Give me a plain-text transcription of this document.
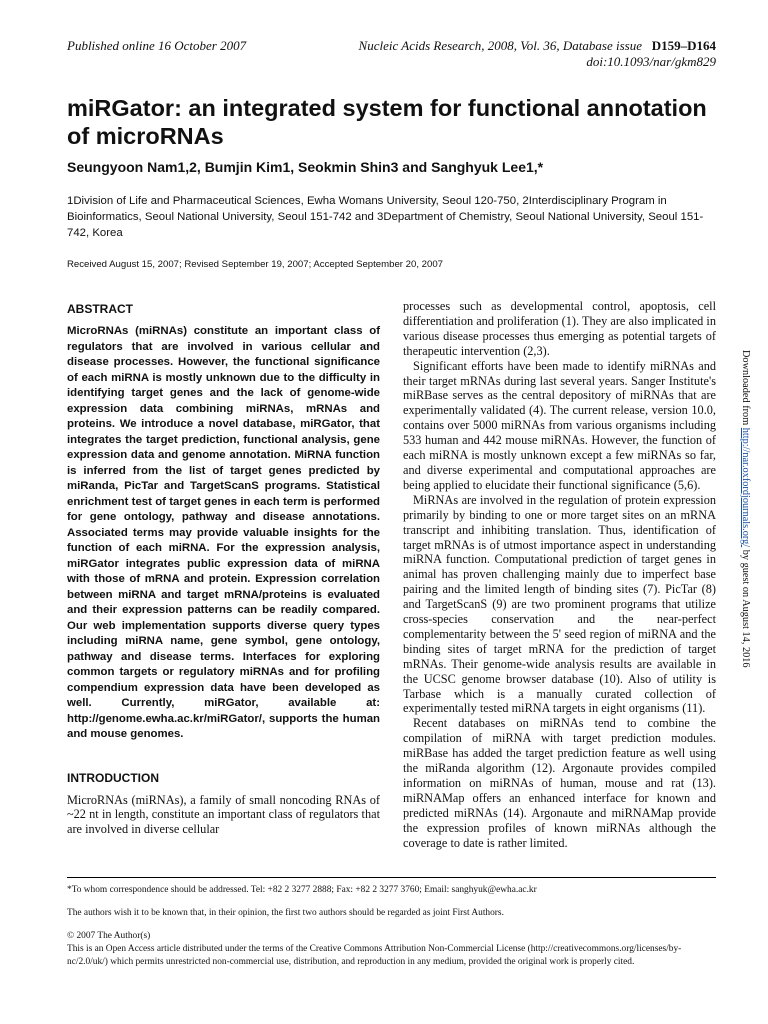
Published online 16 October 2007	Nucleic Acids Research, 2008, Vol. 36, Database issue D159–D164
doi:10.1093/nar/gkm829
miRGator: an integrated system for functional annotation of microRNAs
Seungyoon Nam1,2, Bumjin Kim1, Seokmin Shin3 and Sanghyuk Lee1,*
1Division of Life and Pharmaceutical Sciences, Ewha Womans University, Seoul 120-750, 2Interdisciplinary Program in Bioinformatics, Seoul National University, Seoul 151-742 and 3Department of Chemistry, Seoul National University, Seoul 151-742, Korea
Received August 15, 2007; Revised September 19, 2007; Accepted September 20, 2007
ABSTRACT
MicroRNAs (miRNAs) constitute an important class of regulators that are involved in various cellular and disease processes. However, the functional significance of each miRNA is mostly unknown due to the difficulty in identifying target genes and the lack of genome-wide expression data combining miRNAs, mRNAs and proteins. We introduce a novel database, miRGator, that integrates the target prediction, functional analysis, gene expression data and genome annotation. MiRNA function is inferred from the list of target genes predicted by miRanda, PicTar and TargetScanS programs. Statistical enrichment test of target genes in each term is performed for gene ontology, pathway and disease annotations. Associated terms may provide valuable insights for the function of each miRNA. For the expression analysis, miRGator integrates public expression data of miRNA with those of mRNA and protein. Expression correlation between miRNA and target mRNA/proteins is evaluated and their expression patterns can be readily compared. Our web implementation supports diverse query types including miRNA name, gene symbol, gene ontology, pathway and disease terms. Interfaces for exploring common targets or regulatory miRNAs and for profiling compendium expression data have been developed as well. Currently, miRGator, available at: http://genome.ewha.ac.kr/miRGator/, supports the human and mouse genomes.
INTRODUCTION

MicroRNAs (miRNAs), a family of small noncoding RNAs of ~22 nt in length, constitute an important class of regulators that are involved in diverse cellular

processes such as developmental control, apoptosis, cell differentiation and proliferation (1). They are also implicated in various disease processes thus emerging as potential targets of therapeutic intervention (2,3).

Significant efforts have been made to identify miRNAs and their target mRNAs during last several years. Sanger Institute's miRBase serves as the central depository of miRNAs that are experimentally validated (4). The current release, version 10.0, contains over 5000 miRNAs from various organisms including 533 human and 442 mouse miRNAs. However, the function of each miRNA is mostly unknown except a few miRNAs so far, and diverse experimental and computational approaches are being applied to elucidate their functional significance (5,6).

MiRNAs are involved in the regulation of protein expression primarily by binding to one or more target sites on an mRNA transcript and inhibiting translation. Thus, identification of target mRNAs is of utmost importance aspect in understanding miRNA function. Computational prediction of target genes in animal has proven challenging mainly due to imperfect base pairing and the limited length of binding sites (7). PicTar (8) and TargetScanS (9) are two prominent programs that utilize cross-species conservation and the near-perfect complementarity between the 5' seed region of miRNA and the binding sites of target mRNA for the prediction of target mRNAs. Their genome-wide analysis results are available in the UCSC genome browser database (10). Also of utility is Tarbase which is a manually curated collection of experimentally tested miRNA targets in eight organisms (11).

Recent databases on miRNAs tend to combine the compilation of miRNA with target prediction modules. miRBase has added the target prediction feature as well using the miRanda algorithm (12). Argonaute provides compiled information on miRNAs of human, mouse and rat (13). miRNAMap offers an enhanced interface for known and predicted miRNAs (14). Argonaute and miRNAMap provide the expression profiles of known miRNAs although the coverage to date is rather limited.

*To whom correspondence should be addressed. Tel: +82 2 3277 2888; Fax: +82 2 3277 3760; Email: sanghyuk@ewha.ac.kr

The authors wish it to be known that, in their opinion, the first two authors should be regarded as joint First Authors.

© 2007 The Author(s)

This is an Open Access article distributed under the terms of the Creative Commons Attribution Non-Commercial License (http://creativecommons.org/licenses/by-nc/2.0/uk/) which permits unrestricted non-commercial use, distribution, and reproduction in any medium, provided the original work is properly cited.

Downloaded from http://nar.oxfordjournals.org/ by guest on August 14, 2016
